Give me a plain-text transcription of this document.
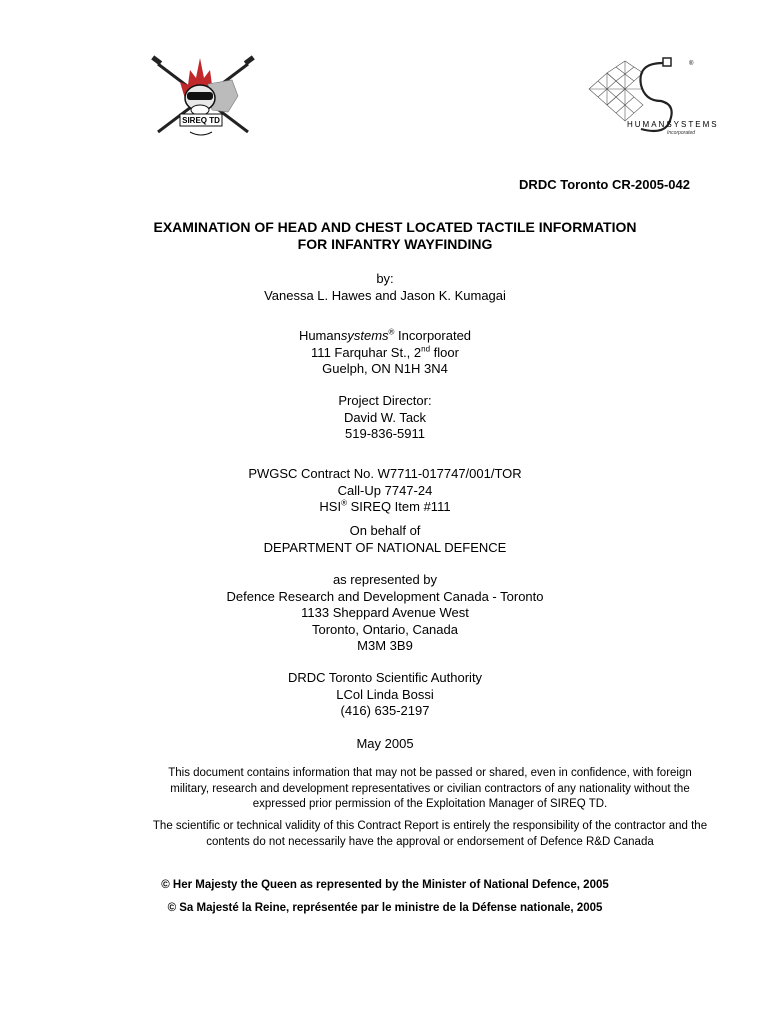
SIREQ TD
®
HUMANSYSTEMS
Incorporated
DRDC Toronto CR-2005-042
EXAMINATION OF HEAD AND CHEST LOCATED TACTILE INFORMATION
FOR INFANTRY WAYFINDING
by:
Vanessa L. Hawes and Jason K. Kumagai
Humansystems® Incorporated
111 Farquhar St., 2nd floor
Guelph, ON N1H 3N4
Project Director:
David W. Tack
519-836-5911
PWGSC Contract No. W7711-017747/001/TOR
Call-Up 7747-24
HSI® SIREQ Item #111
On behalf of
DEPARTMENT OF NATIONAL DEFENCE
as represented by
Defence Research and Development Canada - Toronto
1133 Sheppard Avenue West
Toronto, Ontario, Canada
M3M 3B9
DRDC Toronto Scientific Authority
LCol Linda Bossi
(416) 635-2197
May 2005
This document contains information that may not be passed or shared, even in confidence, with foreign military, research and development representatives or civilian contractors of any nationality without the expressed prior permission of the Exploitation Manager of SIREQ TD.
The scientific or technical validity of this Contract Report is entirely the responsibility of the contractor and the contents do not necessarily have the approval or endorsement of Defence R&D Canada
© Her Majesty the Queen as represented by the Minister of National Defence, 2005
© Sa Majesté la Reine, représentée par le ministre de la Défense nationale, 2005
